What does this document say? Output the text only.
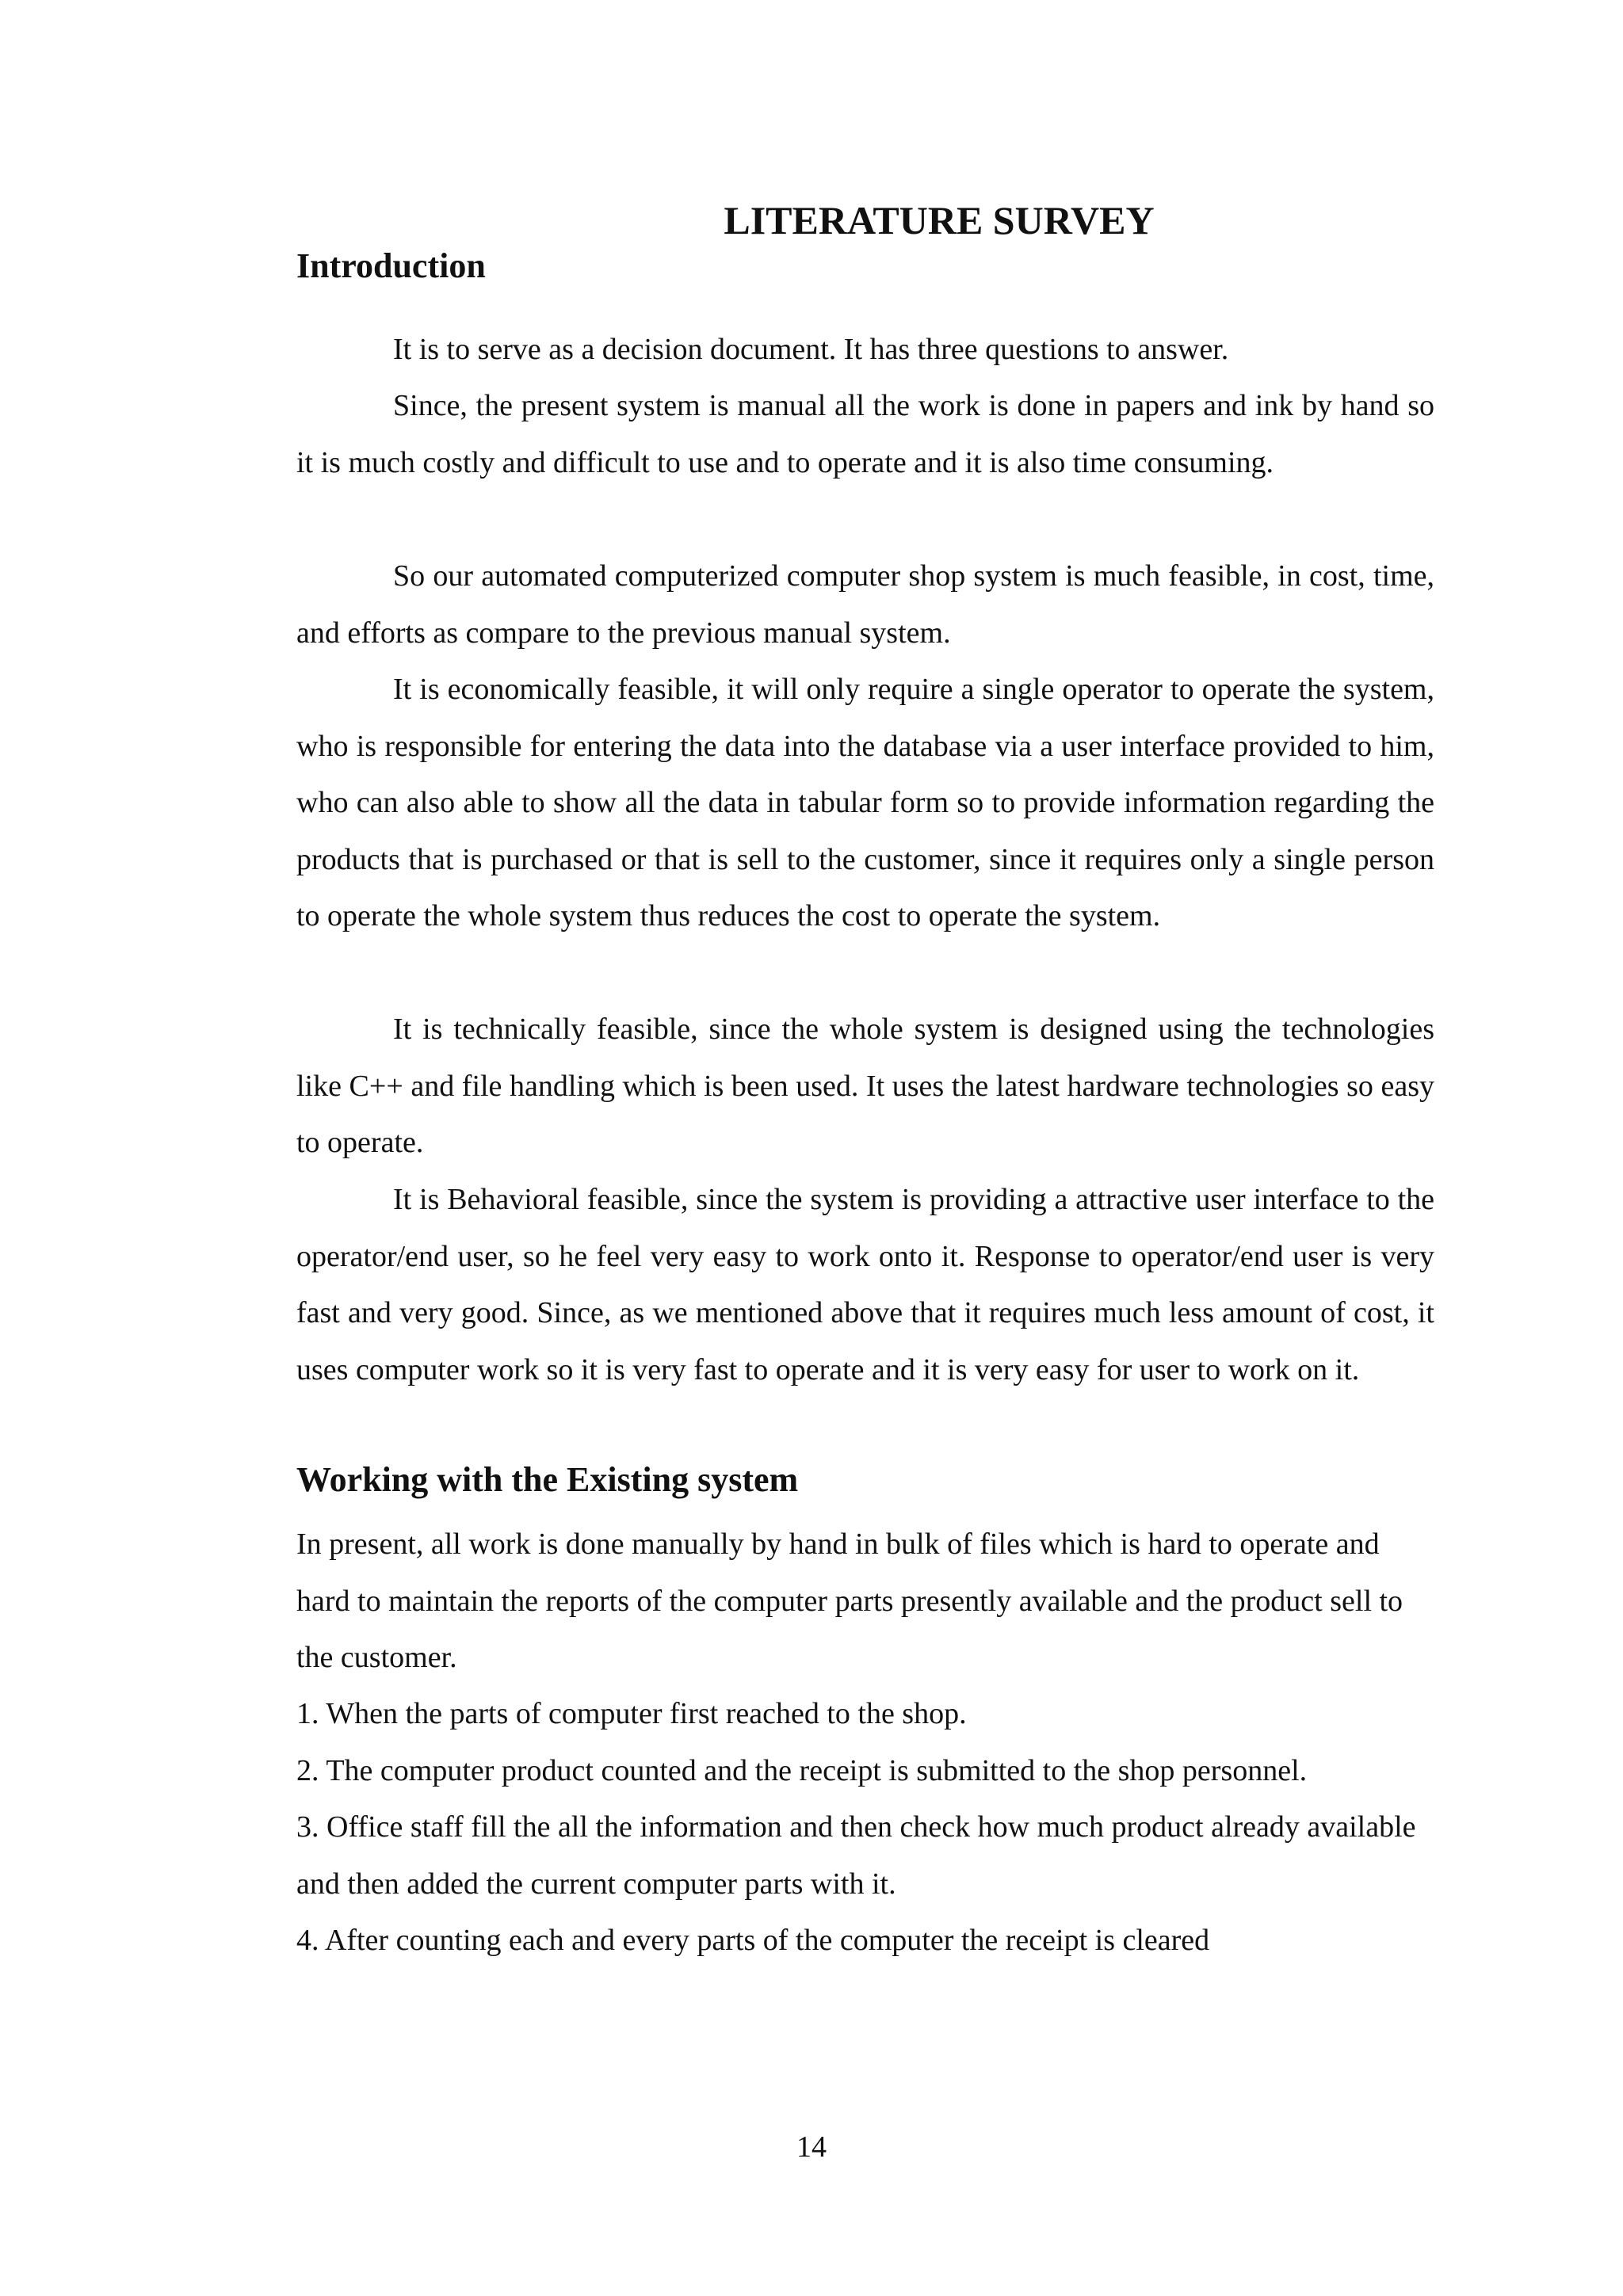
LITERATURE SURVEY
Introduction

It is to serve as a decision document. It has three questions to answer.

Since, the present system is manual all the work is done in papers and ink by hand so it is much costly and difficult to use and to operate and it is also time consuming.

So our automated computerized computer shop system is much feasible, in cost, time, and efforts as compare to the previous manual system.

It is economically feasible, it will only require a single operator to operate the system, who is responsible for entering the data into the database via a user interface provided to him, who can also able to show all the data in tabular form so to provide information regarding the products that is purchased or that is sell to the customer, since it requires only a single person to operate the whole system thus reduces the cost to operate the system.

It is technically feasible, since the whole system is designed using the technologies like C++ and file handling which is been used. It uses the latest hardware technologies so easy to operate.

It is Behavioral feasible, since the system is providing a attractive user interface to the operator/end user, so he feel very easy to work onto it. Response to operator/end user is very fast and very good. Since, as we mentioned above that it requires much less amount of cost, it uses computer work so it is very fast to operate and it is very easy for user to work on it.

Working with the Existing system

In present, all work is done manually by hand in bulk of files which is hard to operate and hard to maintain the reports of the computer parts presently available and the product sell to the customer.

1. When the parts of computer first reached to the shop.

2. The computer product counted and the receipt is submitted to the shop personnel.

3. Office staff fill the all the information and then check how much product already available and then added the current computer parts with it.

4. After counting each and every parts of the computer the receipt is cleared

14
